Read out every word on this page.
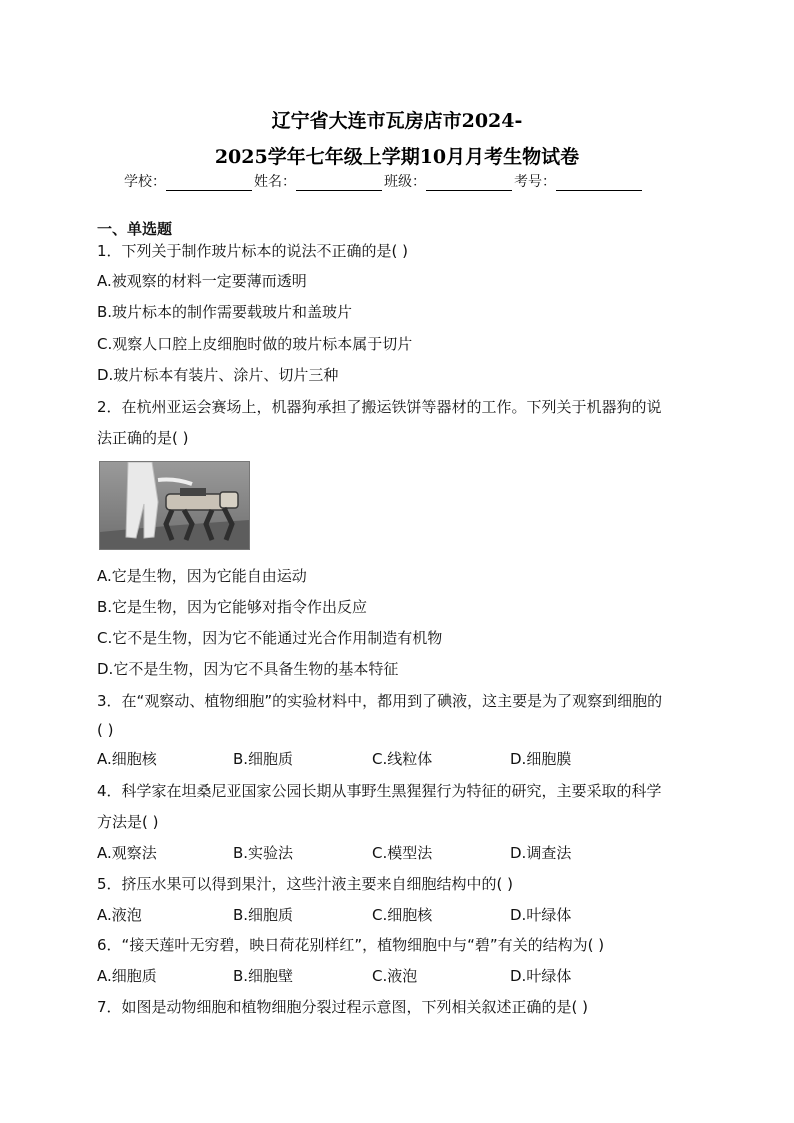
辽宁省大连市瓦房店市2024-
2025学年七年级上学期10月月考生物试卷
学校：	姓名：	班级：	考号：
一、单选题
1．下列关于制作玻片标本的说法不正确的是( )
A.被观察的材料一定要薄而透明
B.玻片标本的制作需要载玻片和盖玻片
C.观察人口腔上皮细胞时做的玻片标本属于切片
D.玻片标本有装片、涂片、切片三种
2．在杭州亚运会赛场上，机器狗承担了搬运铁饼等器材的工作。下列关于机器狗的说
法正确的是( )
A.它是生物，因为它能自由运动
B.它是生物，因为它能够对指令作出反应
C.它不是生物，因为它不能通过光合作用制造有机物
D.它不是生物，因为它不具备生物的基本特征
3．在“观察动、植物细胞”的实验材料中，都用到了碘液，这主要是为了观察到细胞的
( )
A.细胞核	B.细胞质	C.线粒体	D.细胞膜
4．科学家在坦桑尼亚国家公园长期从事野生黑猩猩行为特征的研究，主要采取的科学
方法是( )
A.观察法	B.实验法	C.模型法	D.调查法
5．挤压水果可以得到果汁，这些汁液主要来自细胞结构中的( )
A.液泡	B.细胞质	C.细胞核	D.叶绿体
6．“接天莲叶无穷碧，映日荷花别样红”，植物细胞中与“碧”有关的结构为( )
A.细胞质	B.细胞壁	C.液泡	D.叶绿体
7．如图是动物细胞和植物细胞分裂过程示意图，下列相关叙述正确的是( )
